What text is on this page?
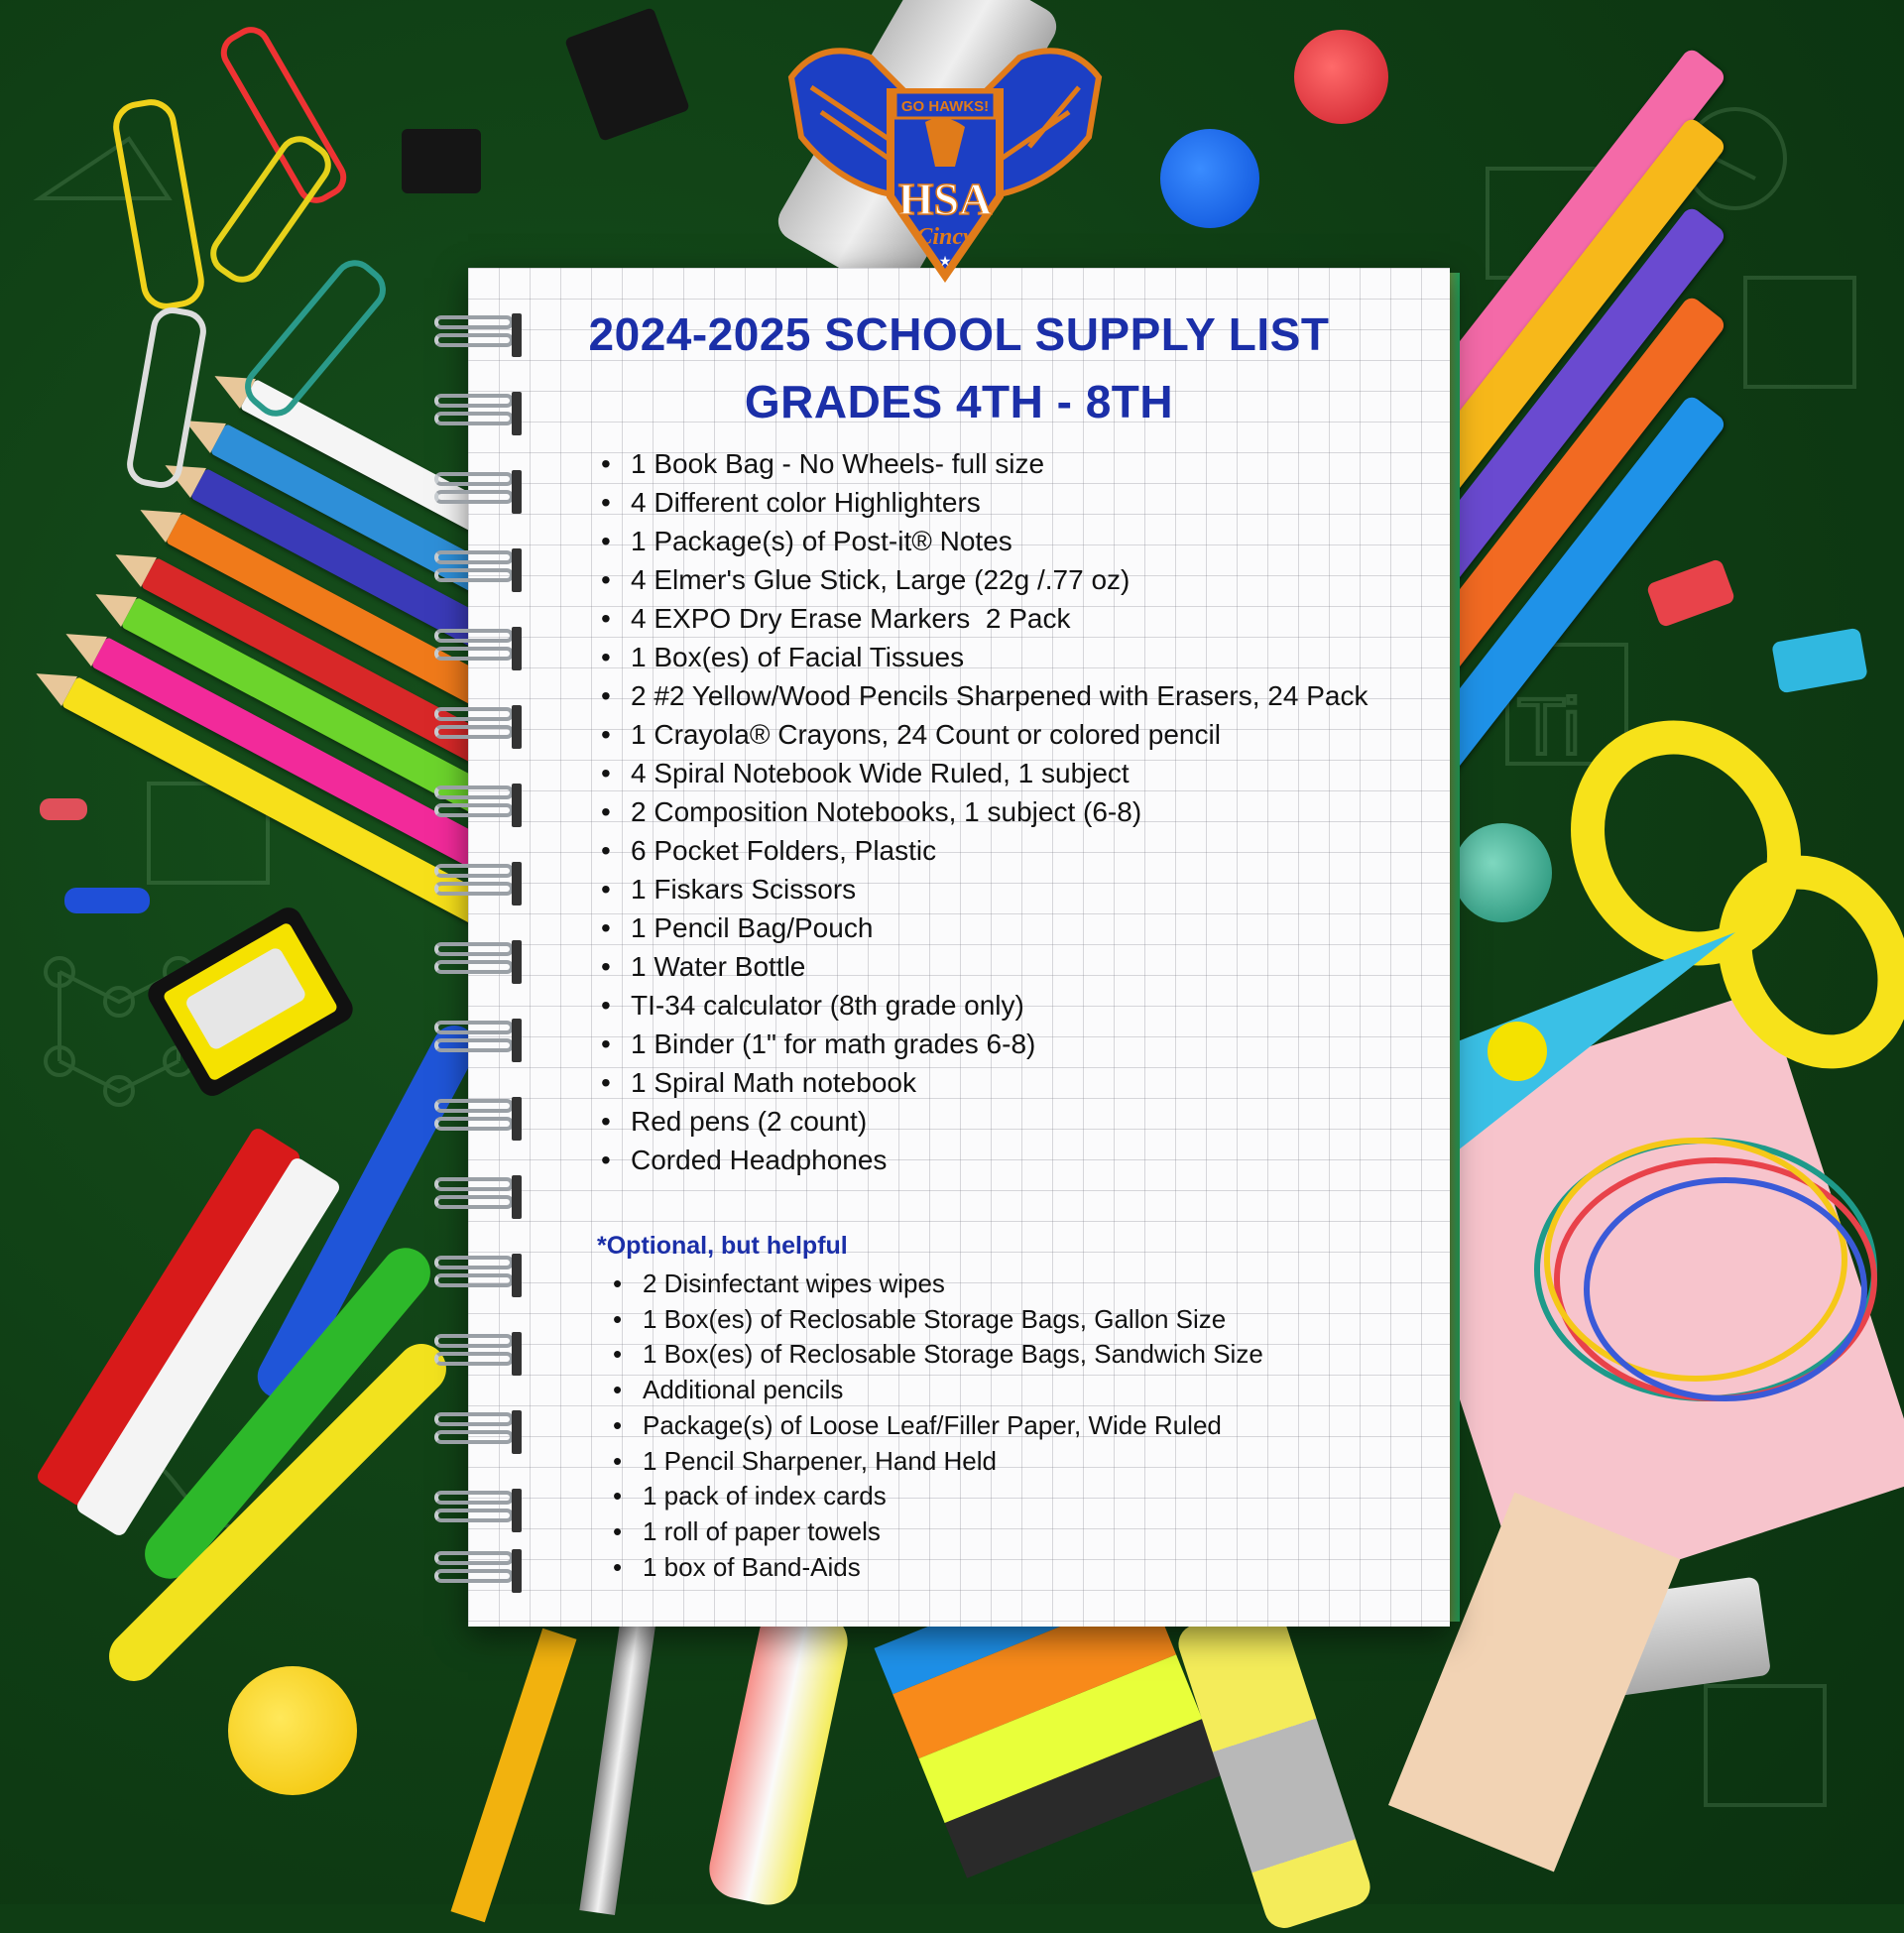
Ti
GO HAWKS!
HSA
Cincy
★
2024-2025 SCHOOL SUPPLY LIST
GRADES 4TH - 8TH
• 1 Book Bag - No Wheels- full size
• 4 Different color Highlighters
• 1 Package(s) of Post-it® Notes
• 4 Elmer's Glue Stick, Large (22g /.77 oz)
• 4 EXPO Dry Erase Markers  2 Pack
• 1 Box(es) of Facial Tissues
• 2 #2 Yellow/Wood Pencils Sharpened with Erasers, 24 Pack
• 1 Crayola® Crayons, 24 Count or colored pencil
• 4 Spiral Notebook Wide Ruled, 1 subject
• 2 Composition Notebooks, 1 subject (6-8)
• 6 Pocket Folders, Plastic
• 1 Fiskars Scissors
• 1 Pencil Bag/Pouch
• 1 Water Bottle
• TI-34 calculator (8th grade only)
• 1 Binder (1" for math grades 6-8)
• 1 Spiral Math notebook
• Red pens (2 count)
• Corded Headphones
*Optional, but helpful
• 2 Disinfectant wipes wipes
• 1 Box(es) of Reclosable Storage Bags, Gallon Size
• 1 Box(es) of Reclosable Storage Bags, Sandwich Size
• Additional pencils
• Package(s) of Loose Leaf/Filler Paper, Wide Ruled
• 1 Pencil Sharpener, Hand Held
• 1 pack of index cards
• 1 roll of paper towels
• 1 box of Band-Aids
